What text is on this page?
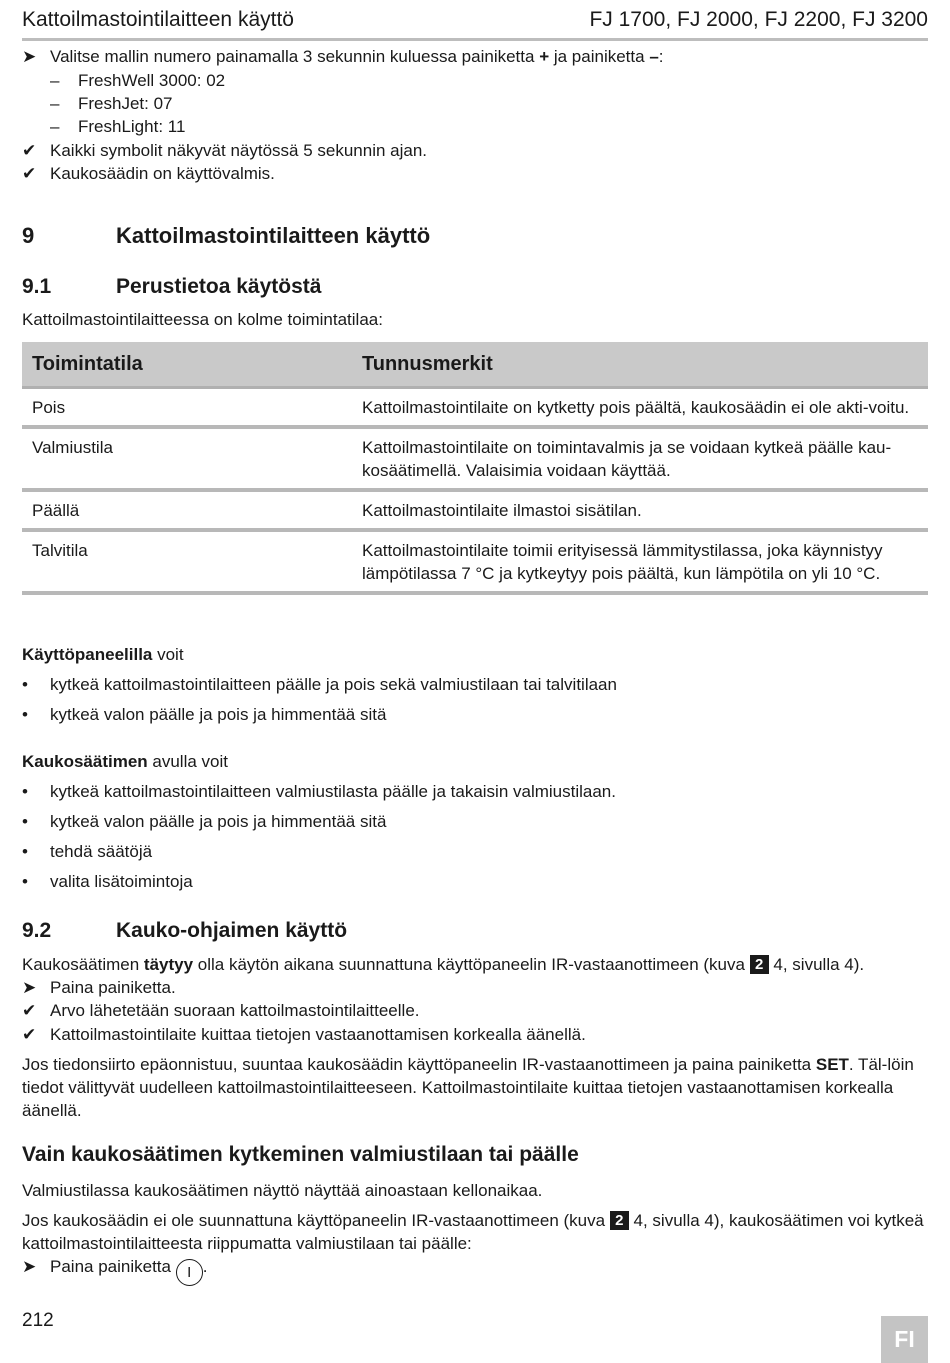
Kattoilmastointilaitteen käyttö	FJ 1700, FJ 2000, FJ 2200, FJ 3200
➤ Valitse mallin numero painamalla 3 sekunnin kuluessa painiketta + ja painiketta –:
–	FreshWell 3000: 02
–	FreshJet: 07
–	FreshLight: 11
✔ Kaikki symbolit näkyvät näytössä 5 sekunnin ajan.
✔ Kaukosäädin on käyttövalmis.
9	Kattoilmastointilaitteen käyttö
9.1	Perustietoa käytöstä
Kattoilmastointilaitteessa on kolme toimintatilaa:
Toimintatila	Tunnusmerkit
Pois	Kattoilmastointilaite on kytketty pois päältä, kaukosäädin ei ole akti-voitu.
Valmiustila	Kattoilmastointilaite on toimintavalmis ja se voidaan kytkeä päälle kau-kosäätimellä. Valaisimia voidaan käyttää.
Päällä	Kattoilmastointilaite ilmastoi sisätilan.
Talvitila	Kattoilmastointilaite toimii erityisessä lämmitystilassa, joka käynnistyy lämpötilassa 7 °C ja kytkeytyy pois päältä, kun lämpötila on yli 10 °C.
Käyttöpaneelilla voit
•	kytkeä kattoilmastointilaitteen päälle ja pois sekä valmiustilaan tai talvitilaan
•	kytkeä valon päälle ja pois ja himmentää sitä
Kaukosäätimen avulla voit
•	kytkeä kattoilmastointilaitteen valmiustilasta päälle ja takaisin valmiustilaan.
•	kytkeä valon päälle ja pois ja himmentää sitä
•	tehdä säätöjä
•	valita lisätoimintoja
9.2	Kauko-ohjaimen käyttö
Kaukosäätimen täytyy olla käytön aikana suunnattuna käyttöpaneelin IR-vastaanottimeen (kuva 2 4, sivulla 4).
➤ Paina painiketta.
✔ Arvo lähetetään suoraan kattoilmastointilaitteelle.
✔ Kattoilmastointilaite kuittaa tietojen vastaanottamisen korkealla äänellä.
Jos tiedonsiirto epäonnistuu, suuntaa kaukosäädin käyttöpaneelin IR-vastaanottimeen ja paina painiketta SET. Täl-löin tiedot välittyvät uudelleen kattoilmastointilaitteeseen. Kattoilmastointilaite kuittaa tietojen vastaanottamisen korkealla äänellä.
Vain kaukosäätimen kytkeminen valmiustilaan tai päälle
Valmiustilassa kaukosäätimen näyttö näyttää ainoastaan kellonaikaa.
Jos kaukosäädin ei ole suunnattuna käyttöpaneelin IR-vastaanottimeen (kuva 2 4, sivulla 4), kaukosäätimen voi kytkeä kattoilmastointilaitteesta riippumatta valmiustilaan tai päälle:
➤ Paina painiketta I .
212
FI
